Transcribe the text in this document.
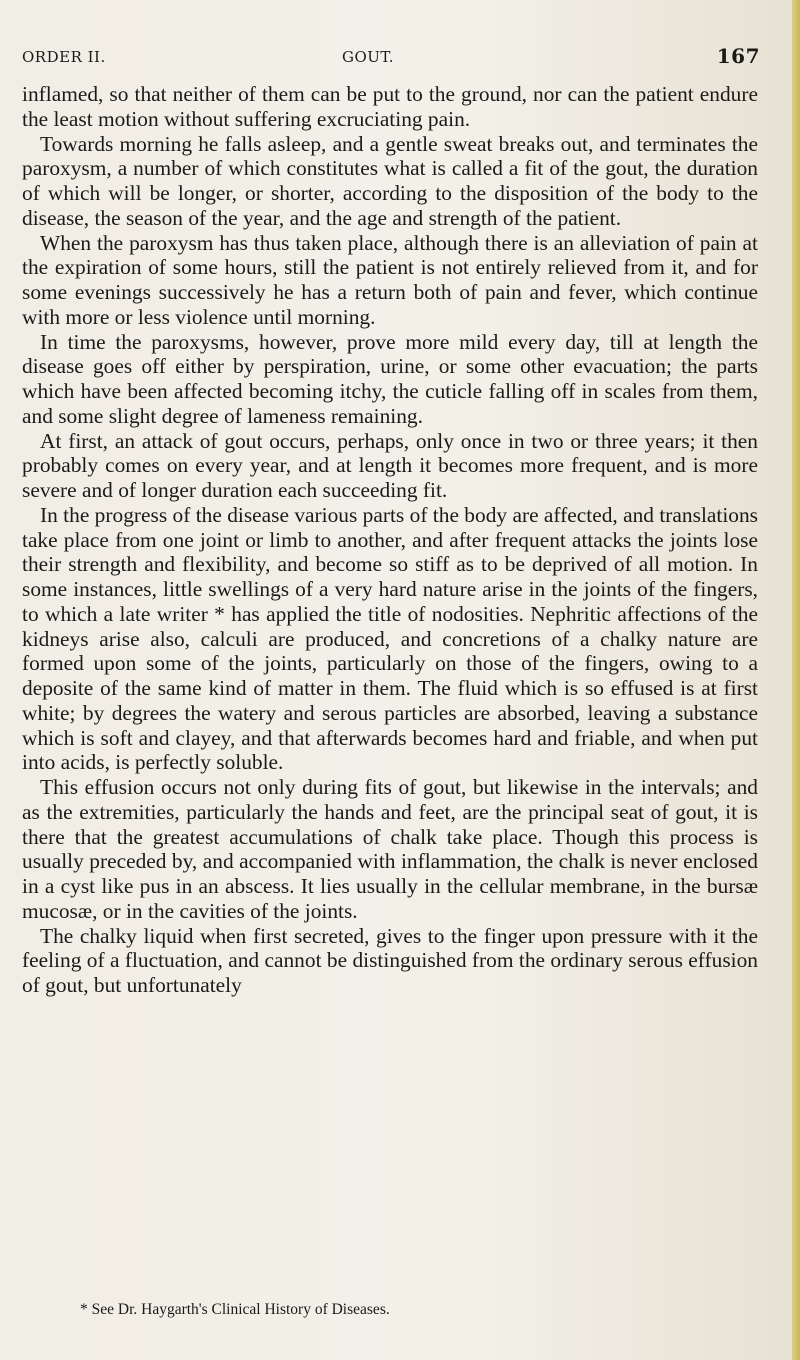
ORDER II.	GOUT.	167

inflamed, so that neither of them can be put to the ground, nor can the patient endure the least motion without suffering excruciating pain.

Towards morning he falls asleep, and a gentle sweat breaks out, and terminates the paroxysm, a number of which constitutes what is called a fit of the gout, the duration of which will be longer, or shorter, according to the disposition of the body to the disease, the season of the year, and the age and strength of the patient.

When the paroxysm has thus taken place, although there is an alleviation of pain at the expiration of some hours, still the patient is not entirely relieved from it, and for some evenings successively he has a return both of pain and fever, which continue with more or less violence until morning.

In time the paroxysms, however, prove more mild every day, till at length the disease goes off either by perspiration, urine, or some other evacuation; the parts which have been affected becoming itchy, the cuticle falling off in scales from them, and some slight degree of lameness remaining.

At first, an attack of gout occurs, perhaps, only once in two or three years; it then probably comes on every year, and at length it becomes more frequent, and is more severe and of longer duration each succeeding fit.

In the progress of the disease various parts of the body are affected, and translations take place from one joint or limb to another, and after frequent attacks the joints lose their strength and flexibility, and become so stiff as to be deprived of all motion. In some instances, little swellings of a very hard nature arise in the joints of the fingers, to which a late writer * has applied the title of nodosities. Nephritic affections of the kidneys arise also, calculi are produced, and concretions of a chalky nature are formed upon some of the joints, particularly on those of the fingers, owing to a deposite of the same kind of matter in them. The fluid which is so effused is at first white; by degrees the watery and serous particles are absorbed, leaving a substance which is soft and clayey, and that afterwards becomes hard and friable, and when put into acids, is perfectly soluble.

This effusion occurs not only during fits of gout, but likewise in the intervals; and as the extremities, particularly the hands and feet, are the principal seat of gout, it is there that the greatest accumulations of chalk take place. Though this process is usually preceded by, and accompanied with inflammation, the chalk is never enclosed in a cyst like pus in an abscess. It lies usually in the cellular membrane, in the bursæ mucosæ, or in the cavities of the joints.

The chalky liquid when first secreted, gives to the finger upon pressure with it the feeling of a fluctuation, and cannot be distinguished from the ordinary serous effusion of gout, but unfortunately

* See Dr. Haygarth's Clinical History of Diseases.
